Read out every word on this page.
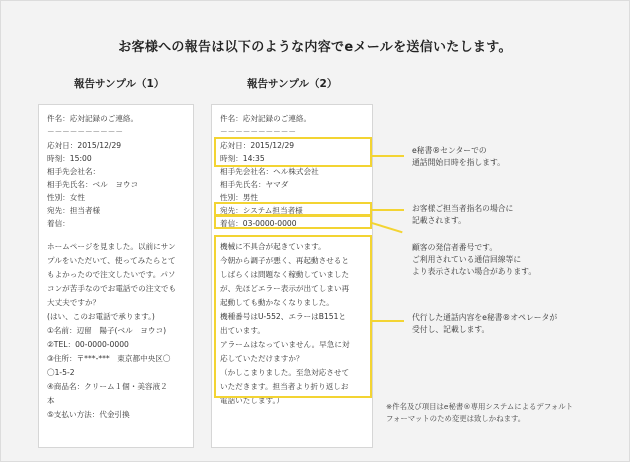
お客様への報告は以下のような内容でeメールを送信いたします。
報告サンプル（1）	報告サンプル（2）
件名：応対記録のご連絡。
－－－－－－－－－－
応対日：2015/12/29
時刻：15:00
相手先会社名：
相手先氏名：ベル　ヨウコ
性別：女性
宛先：担当者様
着信：
ホームページを見ました。以前にサン
プルをいただいて、使ってみたらとて
もよかったので注文したいです。パソ
コンが苦手なのでお電話での注文でも
大丈夫ですか？
(はい、このお電話で承ります。)
①名前：辺留　陽子(ベル　ヨウコ)
②TEL：00-0000-0000
③住所：〒***-***　東京都中央区〇
〇1-5-2
④商品名：クリーム１個・美容液２
本
⑤支払い方法：代金引換
件名：応対記録のご連絡。
－－－－－－－－－－
応対日：2015/12/29
時刻：14:35
相手先会社名：ヘル株式会社
相手先氏名：ヤマダ
性別：男性
宛先：システム担当者様
着信：03-0000-0000
機械に不具合が起きています。
今朝から調子が悪く、再起動させると
しばらくは問題なく稼動していました
が、先ほどエラー表示が出てしまい再
起動しても動かなくなりました。
機種番号はU-552、エラーはB151と
出ています。
アラームはなっていません。早急に対
応していただけますか？
（かしこまりました。至急対応させて
いただきます。担当者より折り返しお
電話いたします。）
e秘書®センターでの
通話開始日時を指します。
お客様ご担当者指名の場合に
記載されます。
顧客の発信者番号です。
ご利用されている通信回線等に
より表示されない場合があります。
代行した通話内容をe秘書®オペレータが
受付し、記載します。
※件名及び項目はe秘書®専用システムによるデフォルト
フォーマットのため変更は致しかねます。
